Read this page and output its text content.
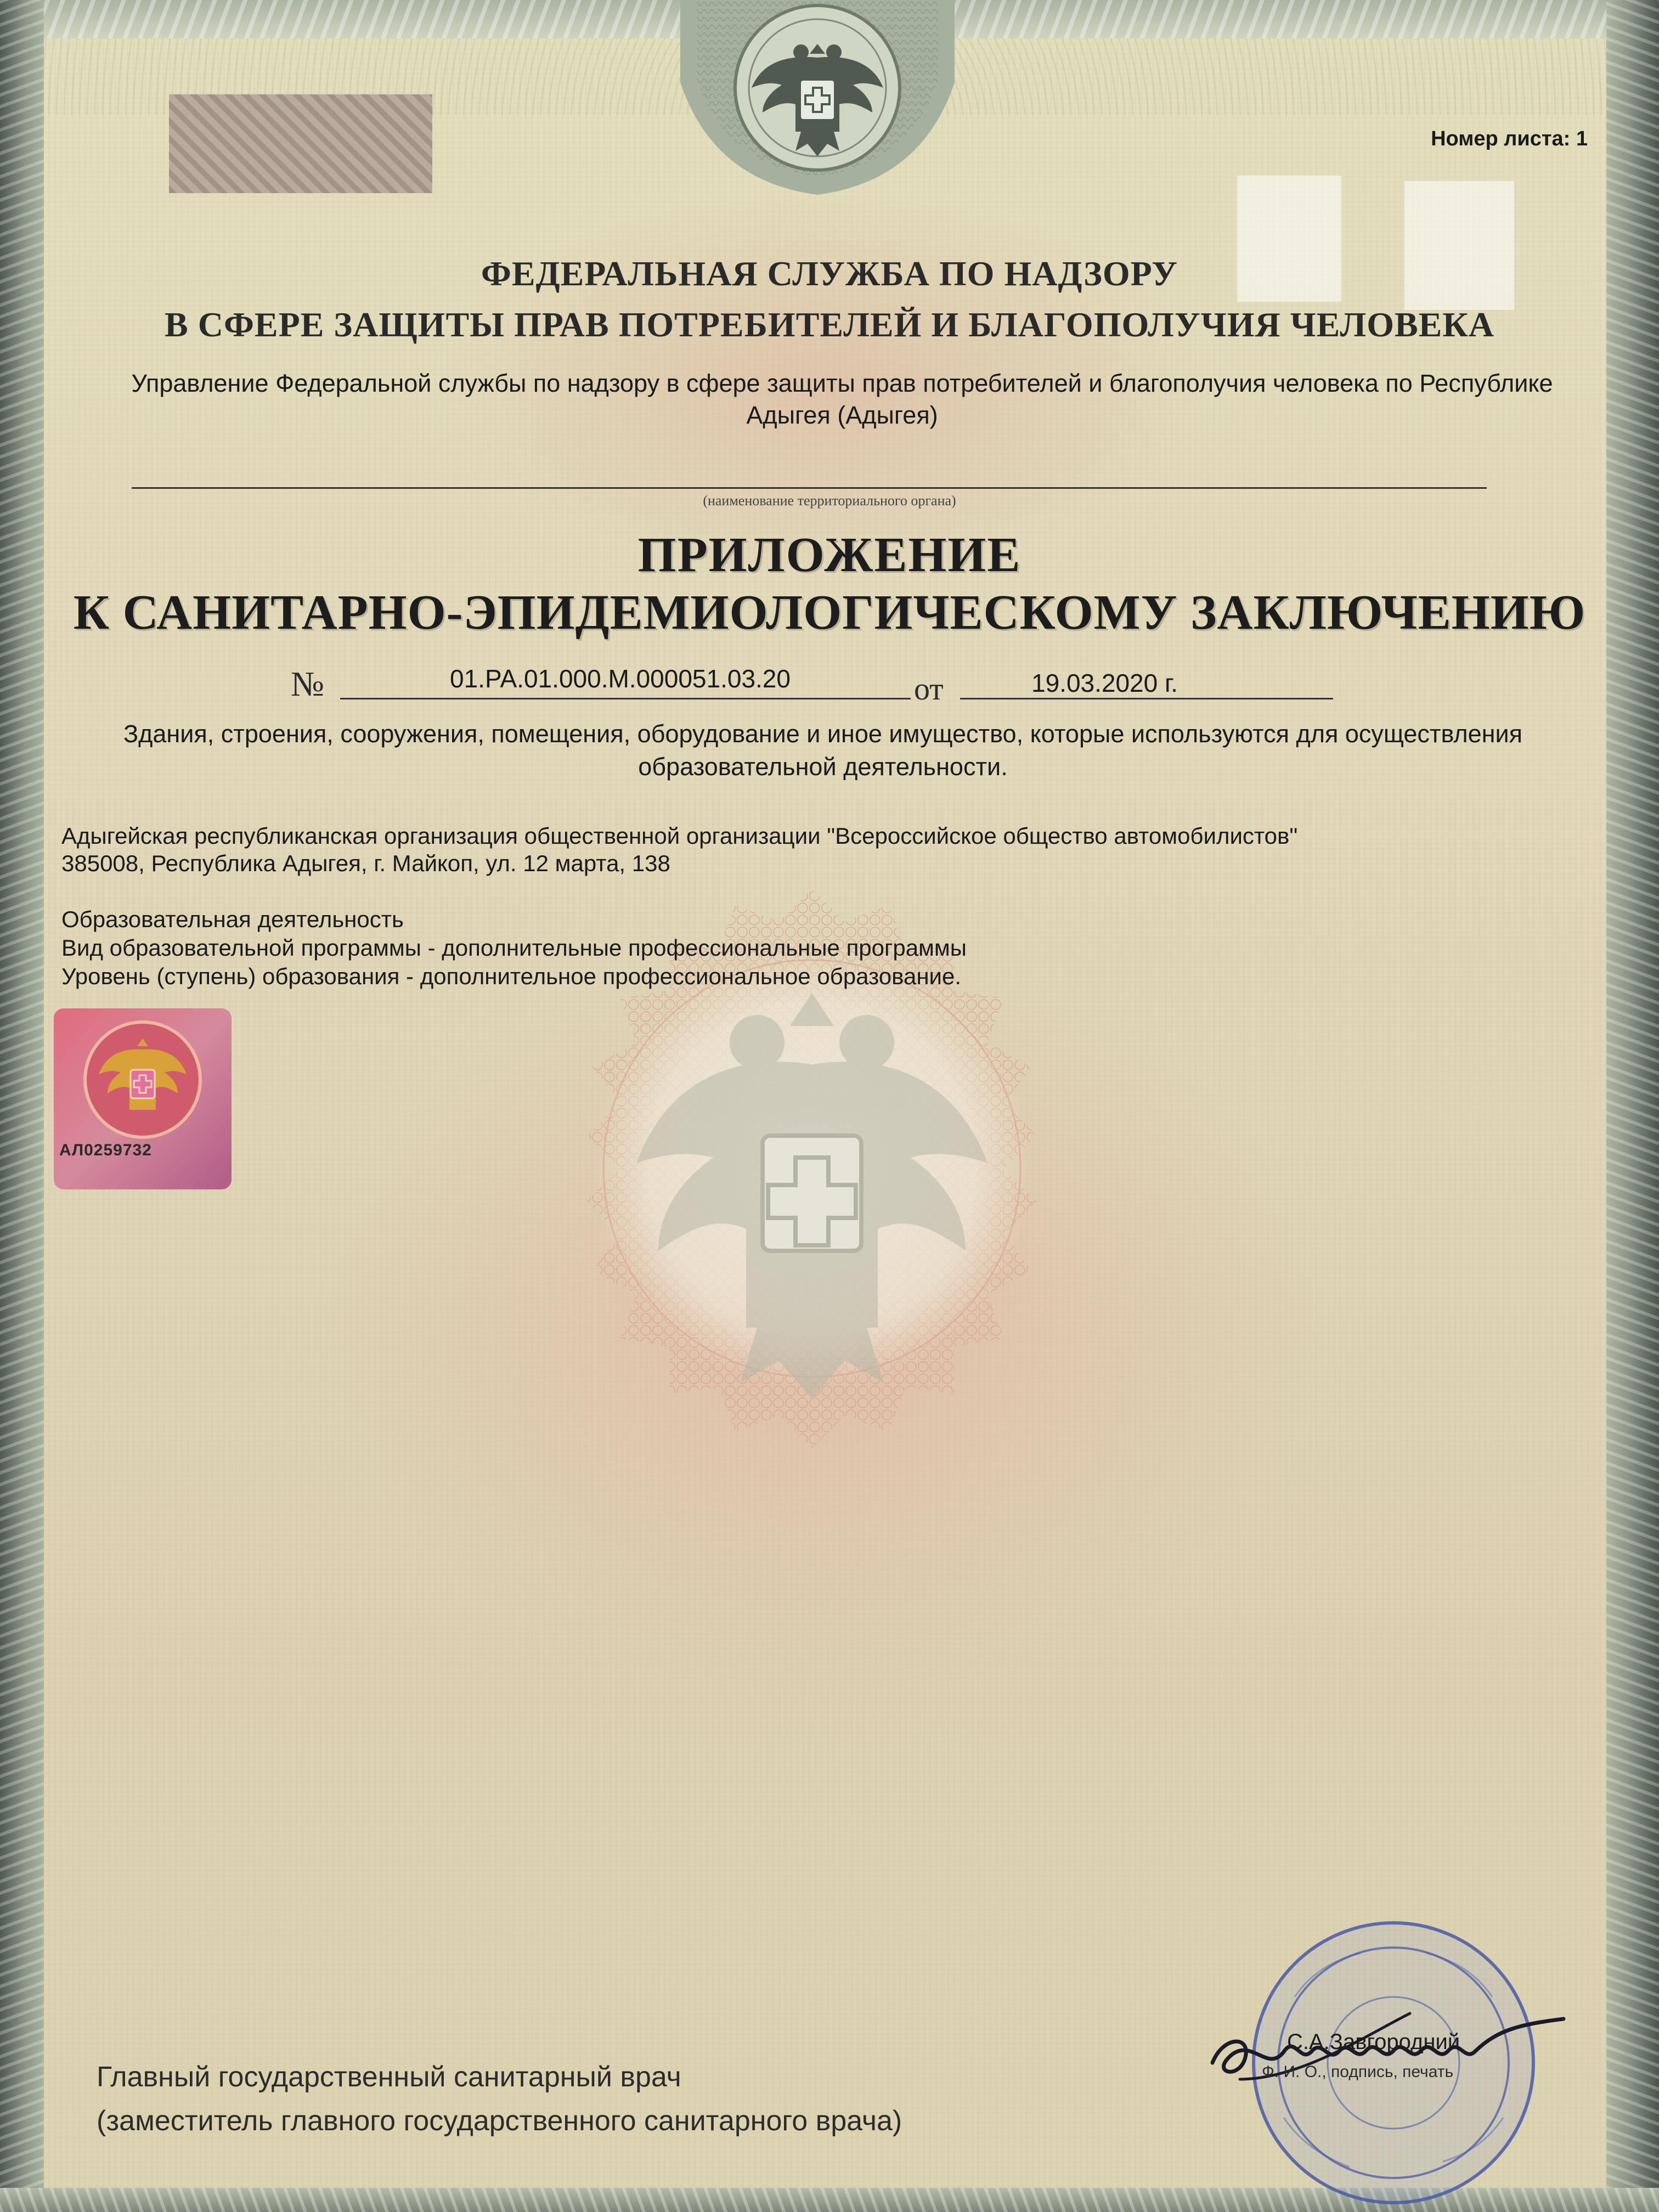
АЛ0259732

Номер листа: 1

ФЕДЕРАЛЬНАЯ СЛУЖБА ПО НАДЗОРУ

В СФЕРЕ ЗАЩИТЫ ПРАВ ПОТРЕБИТЕЛЕЙ И БЛАГОПОЛУЧИЯ ЧЕЛОВЕКА

Управление Федеральной службы по надзору в сфере защиты прав потребителей и благополучия человека по Республике Адыгея (Адыгея)

(наименование территориального органа)

ПРИЛОЖЕНИЕ

К САНИТАРНО-ЭПИДЕМИОЛОГИЧЕСКОМУ ЗАКЛЮЧЕНИЮ

№	01.РА.01.000.М.000051.03.20	от	19.03.2020 г.

Здания, строения, сооружения, помещения, оборудование и иное имущество, которые используются для осуществления образовательной деятельности.

Адыгейская республиканская организация общественной организации "Всероссийское общество автомобилистов"

385008, Республика Адыгея, г. Майкоп, ул. 12 марта, 138

Образовательная деятельность

Вид образовательной программы - дополнительные профессиональные программы

Уровень (ступень) образования - дополнительное профессиональное образование.

Главный государственный санитарный врач

(заместитель главного государственного санитарного врача)

С.А.Завгородний

Ф. И. О., подпись, печать
